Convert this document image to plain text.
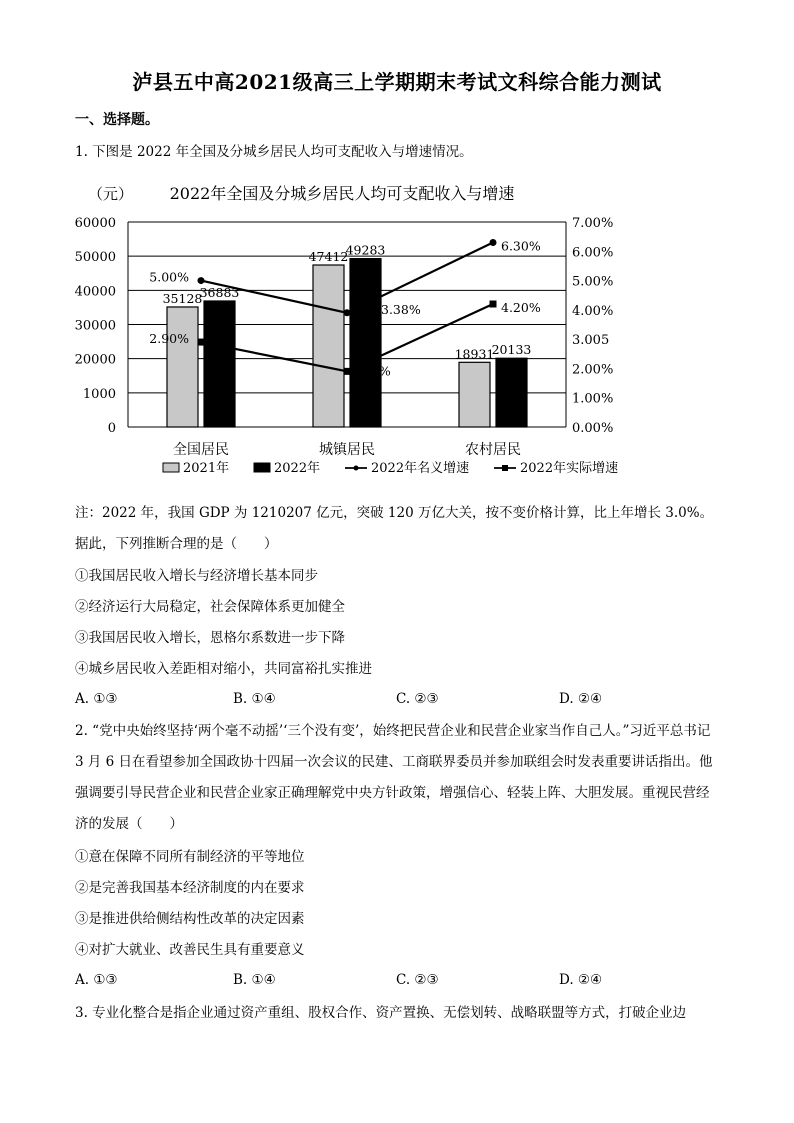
泸县五中高2021级高三上学期期末考试文科综合能力测试
一、选择题。
1. 下图是 2022 年全国及分城乡居民人均可支配收入与增速情况。
35128
36883
47412
49283
18931
20133
5.00%
6.30%
2.90%
1.9%
4.20%
60000
50000
40000
30000
20000
1000
0
7.00%
6.00%
5.00%
4.00%
3.005
2.00%
1.00%
0.00%
全国居民	城镇居民	农村居民
2022年全国及分城乡居民人均可支配收入与增速
（元）
3.38%
2021年	2022年	2022年名义增速	2022年实际增速
注：2022 年，我国 GDP 为 1210207 亿元，突破 120 万亿大关，按不变价格计算，比上年增长 3.0%。
据此，下列推断合理的是（　　）
①我国居民收入增长与经济增长基本同步
②经济运行大局稳定，社会保障体系更加健全
③我国居民收入增长，恩格尔系数进一步下降
④城乡居民收入差距相对缩小，共同富裕扎实推进
A. ①③	B. ①④	C. ②③	D. ②④
2. “党中央始终坚持‘两个毫不动摇’‘三个没有变’，始终把民营企业和民营企业家当作自己人。”习近平总书记 3 月 6 日在看望参加全国政协十四届一次会议的民建、工商联界委员并参加联组会时发表重要讲话指出。他强调要引导民营企业和民营企业家正确理解党中央方针政策，增强信心、轻装上阵、大胆发展。重视民营经济的发展（　　）
①意在保障不同所有制经济的平等地位
②是完善我国基本经济制度的内在要求
③是推进供给侧结构性改革的决定因素
④对扩大就业、改善民生具有重要意义
A. ①③	B. ①④	C. ②③	D. ②④
3. 专业化整合是指企业通过资产重组、股权合作、资产置换、无偿划转、战略联盟等方式，打破企业边
